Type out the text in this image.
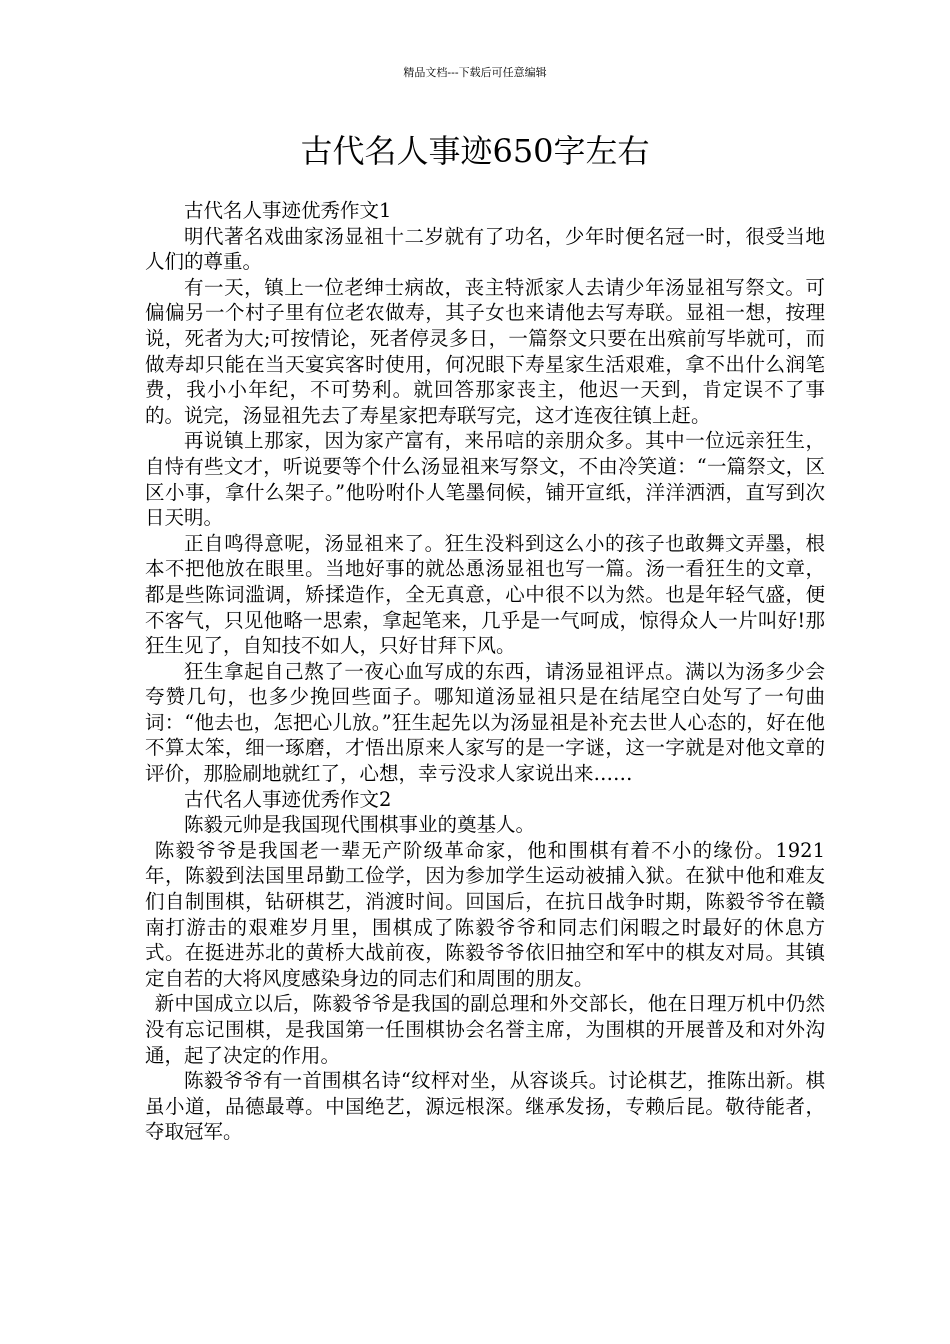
精品文档---下载后可任意编辑
古代名人事迹650字左右

古代名人事迹优秀作文1

明代著名戏曲家汤显祖十二岁就有了功名，少年时便名冠一时，很受当地人们的尊重。

有一天，镇上一位老绅士病故，丧主特派家人去请少年汤显祖写祭文。可偏偏另一个村子里有位老农做寿，其子女也来请他去写寿联。显祖一想，按理说，死者为大;可按情论，死者停灵多日，一篇祭文只要在出殡前写毕就可，而做寿却只能在当天宴宾客时使用，何况眼下寿星家生活艰难，拿不出什么润笔费，我小小年纪，不可势利。就回答那家丧主，他迟一天到，肯定误不了事的。说完，汤显祖先去了寿星家把寿联写完，这才连夜往镇上赶。

再说镇上那家，因为家产富有，来吊唁的亲朋众多。其中一位远亲狂生，自恃有些文才，听说要等个什么汤显祖来写祭文，不由冷笑道：“一篇祭文，区区小事，拿什么架子。”他吩咐仆人笔墨伺候，铺开宣纸，洋洋洒洒，直写到次日天明。

正自鸣得意呢，汤显祖来了。狂生没料到这么小的孩子也敢舞文弄墨，根本不把他放在眼里。当地好事的就怂恿汤显祖也写一篇。汤一看狂生的文章，都是些陈词滥调，矫揉造作，全无真意，心中很不以为然。也是年轻气盛，便不客气，只见他略一思索，拿起笔来，几乎是一气呵成，惊得众人一片叫好!那狂生见了，自知技不如人，只好甘拜下风。

狂生拿起自己熬了一夜心血写成的东西，请汤显祖评点。满以为汤多少会夸赞几句，也多少挽回些面子。哪知道汤显祖只是在结尾空白处写了一句曲词：“他去也，怎把心儿放。”狂生起先以为汤显祖是补充去世人心态的，好在他不算太笨，细一琢磨，才悟出原来人家写的是一字谜，这一字就是对他文章的评价，那脸刷地就红了，心想，幸亏没求人家说出来……

古代名人事迹优秀作文2

陈毅元帅是我国现代围棋事业的奠基人。

陈毅爷爷是我国老一辈无产阶级革命家，他和围棋有着不小的缘份。1921年，陈毅到法国里昂勤工俭学，因为参加学生运动被捕入狱。在狱中他和难友们自制围棋，钻研棋艺，消渡时间。回国后，在抗日战争时期，陈毅爷爷在赣南打游击的艰难岁月里，围棋成了陈毅爷爷和同志们闲暇之时最好的休息方式。在挺进苏北的黄桥大战前夜，陈毅爷爷依旧抽空和军中的棋友对局。其镇定自若的大将风度感染身边的同志们和周围的朋友。

新中国成立以后，陈毅爷爷是我国的副总理和外交部长，他在日理万机中仍然没有忘记围棋，是我国第一任围棋协会名誉主席，为围棋的开展普及和对外沟通，起了决定的作用。

陈毅爷爷有一首围棋名诗“纹枰对坐，从容谈兵。讨论棋艺，推陈出新。棋虽小道，品德最尊。中国绝艺，源远根深。继承发扬，专赖后昆。敬待能者，夺取冠军。
